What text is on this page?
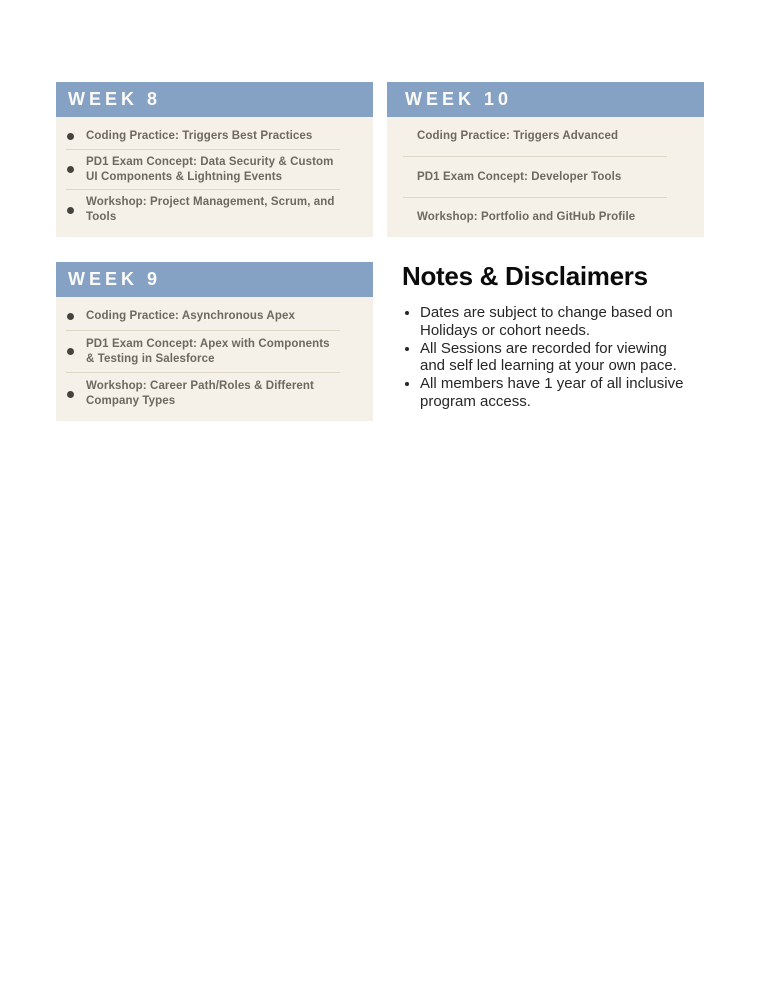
WEEK 8
Coding Practice: Triggers Best Practices
PD1 Exam Concept: Data Security & Custom
UI Components & Lightning Events
Workshop: Project Management, Scrum, and
Tools
WEEK 10
Coding Practice: Triggers Advanced
PD1 Exam Concept: Developer Tools
Workshop: Portfolio and GitHub Profile
WEEK 9
Coding Practice: Asynchronous Apex
PD1 Exam Concept: Apex with Components
& Testing in Salesforce
Workshop: Career Path/Roles & Different
Company Types
Notes & Disclaimers
• Dates are subject to change based on
Holidays or cohort needs.
• All Sessions are recorded for viewing
and self led learning at your own pace.
• All members have 1 year of all inclusive
program access.
